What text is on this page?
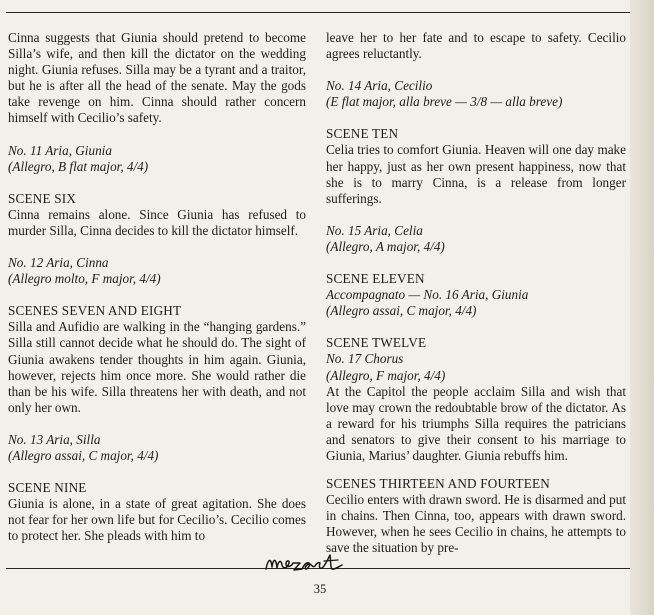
Cinna suggests that Giunia should pretend to become Silla’s wife, and then kill the dictator on the wedding night. Giunia refuses. Silla may be a tyrant and a traitor, but he is after all the head of the senate. May the gods take revenge on him. Cinna should rather concern himself with Cecilio’s safety.

No. 11 Aria, Giunia
(Allegro, B flat major, 4/4)
SCENE SIX

Cinna remains alone. Since Giunia has refused to murder Silla, Cinna decides to kill the dictator himself.

No. 12 Aria, Cinna
(Allegro molto, F major, 4/4)
SCENES SEVEN AND EIGHT

Silla and Aufidio are walking in the “hanging gardens.” Silla still cannot decide what he should do. The sight of Giunia awakens tender thoughts in him again. Giunia, however, rejects him once more. She would rather die than be his wife. Silla threatens her with death, and not only her own.

No. 13 Aria, Silla
(Allegro assai, C major, 4/4)
SCENE NINE

Giunia is alone, in a state of great agitation. She does not fear for her own life but for Cecilio’s. Cecilio comes to protect her. She pleads with him to

leave her to her fate and to escape to safety. Cecilio agrees reluctantly.

No. 14 Aria, Cecilio
(E flat major, alla breve — 3/8 — alla breve)
SCENE TEN

Celia tries to comfort Giunia. Heaven will one day make her happy, just as her own present happiness, now that she is to marry Cinna, is a release from longer sufferings.

No. 15 Aria, Celia
(Allegro, A major, 4/4)
SCENE ELEVEN
Accompagnato — No. 16 Aria, Giunia
(Allegro assai, C major, 4/4)
SCENE TWELVE
No. 17 Chorus
(Allegro, F major, 4/4)

At the Capitol the people acclaim Silla and wish that love may crown the redoubtable brow of the dictator. As a reward for his triumphs Silla requires the patricians and senators to give their consent to his marriage to Giunia, Marius’ daughter. Giunia rebuffs him.

SCENES THIRTEEN AND FOURTEEN

Cecilio enters with drawn sword. He is disarmed and put in chains. Then Cinna, too, appears with drawn sword. However, when he sees Cecilio in chains, he attempts to save the situation by pre-

35
